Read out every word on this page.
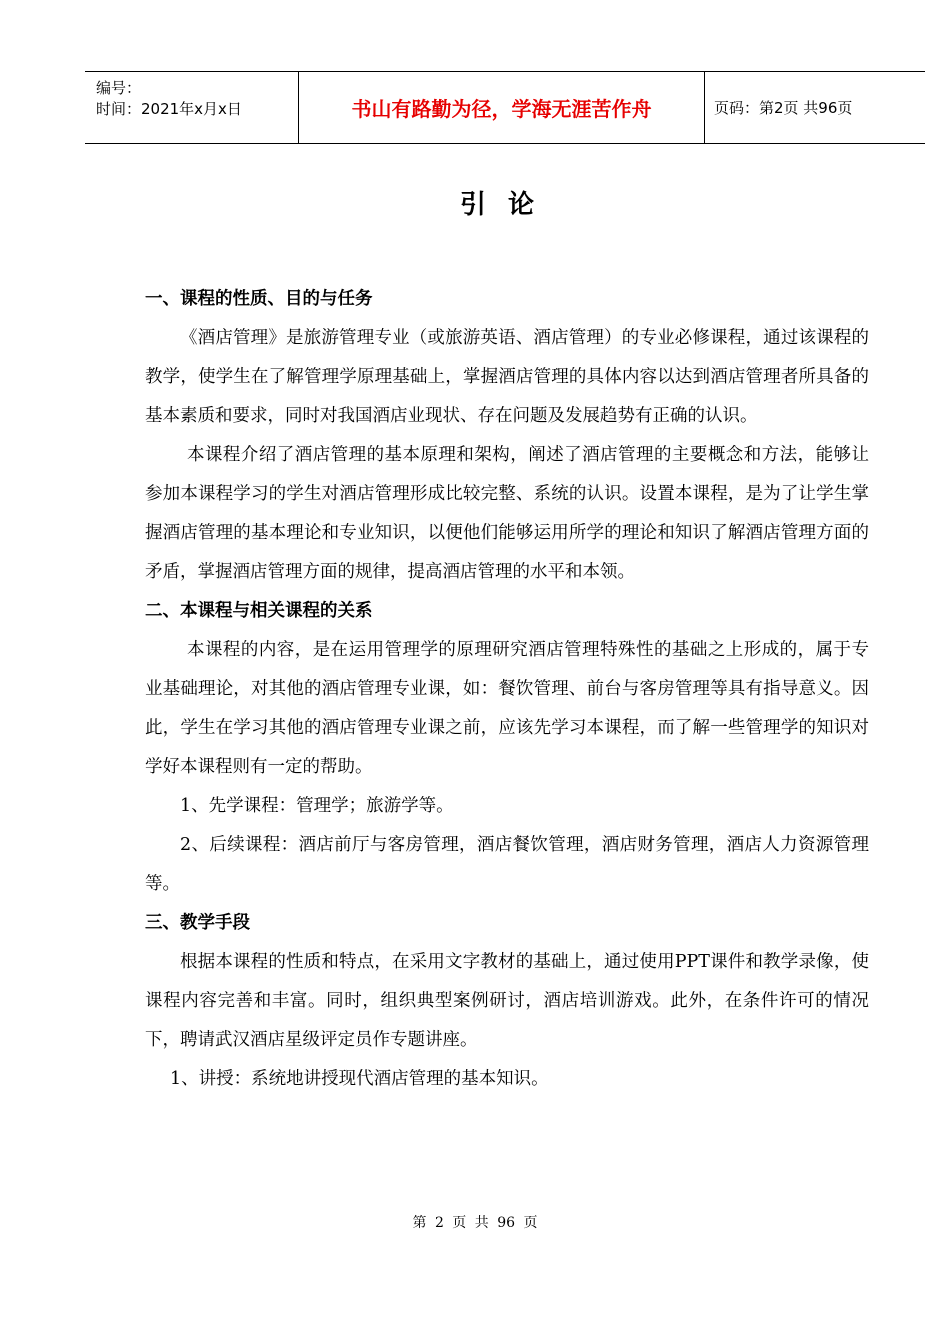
编号：
时间：2021年x月x日	书山有路勤为径，学海无涯苦作舟	页码：第2页 共96页
引论
一、课程的性质、目的与任务

《酒店管理》是旅游管理专业（或旅游英语、酒店管理）的专业必修课程，通过该课程的教学，使学生在了解管理学原理基础上，掌握酒店管理的具体内容以达到酒店管理者所具备的基本素质和要求，同时对我国酒店业现状、存在问题及发展趋势有正确的认识。

本课程介绍了酒店管理的基本原理和架构，阐述了酒店管理的主要概念和方法，能够让参加本课程学习的学生对酒店管理形成比较完整、系统的认识。设置本课程，是为了让学生掌握酒店管理的基本理论和专业知识，以便他们能够运用所学的理论和知识了解酒店管理方面的矛盾，掌握酒店管理方面的规律，提高酒店管理的水平和本领。

二、本课程与相关课程的关系

本课程的内容，是在运用管理学的原理研究酒店管理特殊性的基础之上形成的，属于专业基础理论，对其他的酒店管理专业课，如：餐饮管理、前台与客房管理等具有指导意义。因此，学生在学习其他的酒店管理专业课之前，应该先学习本课程，而了解一些管理学的知识对学好本课程则有一定的帮助。

1、先学课程：管理学；旅游学等。

2、后续课程：酒店前厅与客房管理，酒店餐饮管理，酒店财务管理，酒店人力资源管理等。

三、教学手段

根据本课程的性质和特点，在采用文字教材的基础上，通过使用PPT课件和教学录像，使课程内容完善和丰富。同时，组织典型案例研讨，酒店培训游戏。此外，在条件许可的情况下，聘请武汉酒店星级评定员作专题讲座。

1、讲授：系统地讲授现代酒店管理的基本知识。

第 2 页 共 96 页
